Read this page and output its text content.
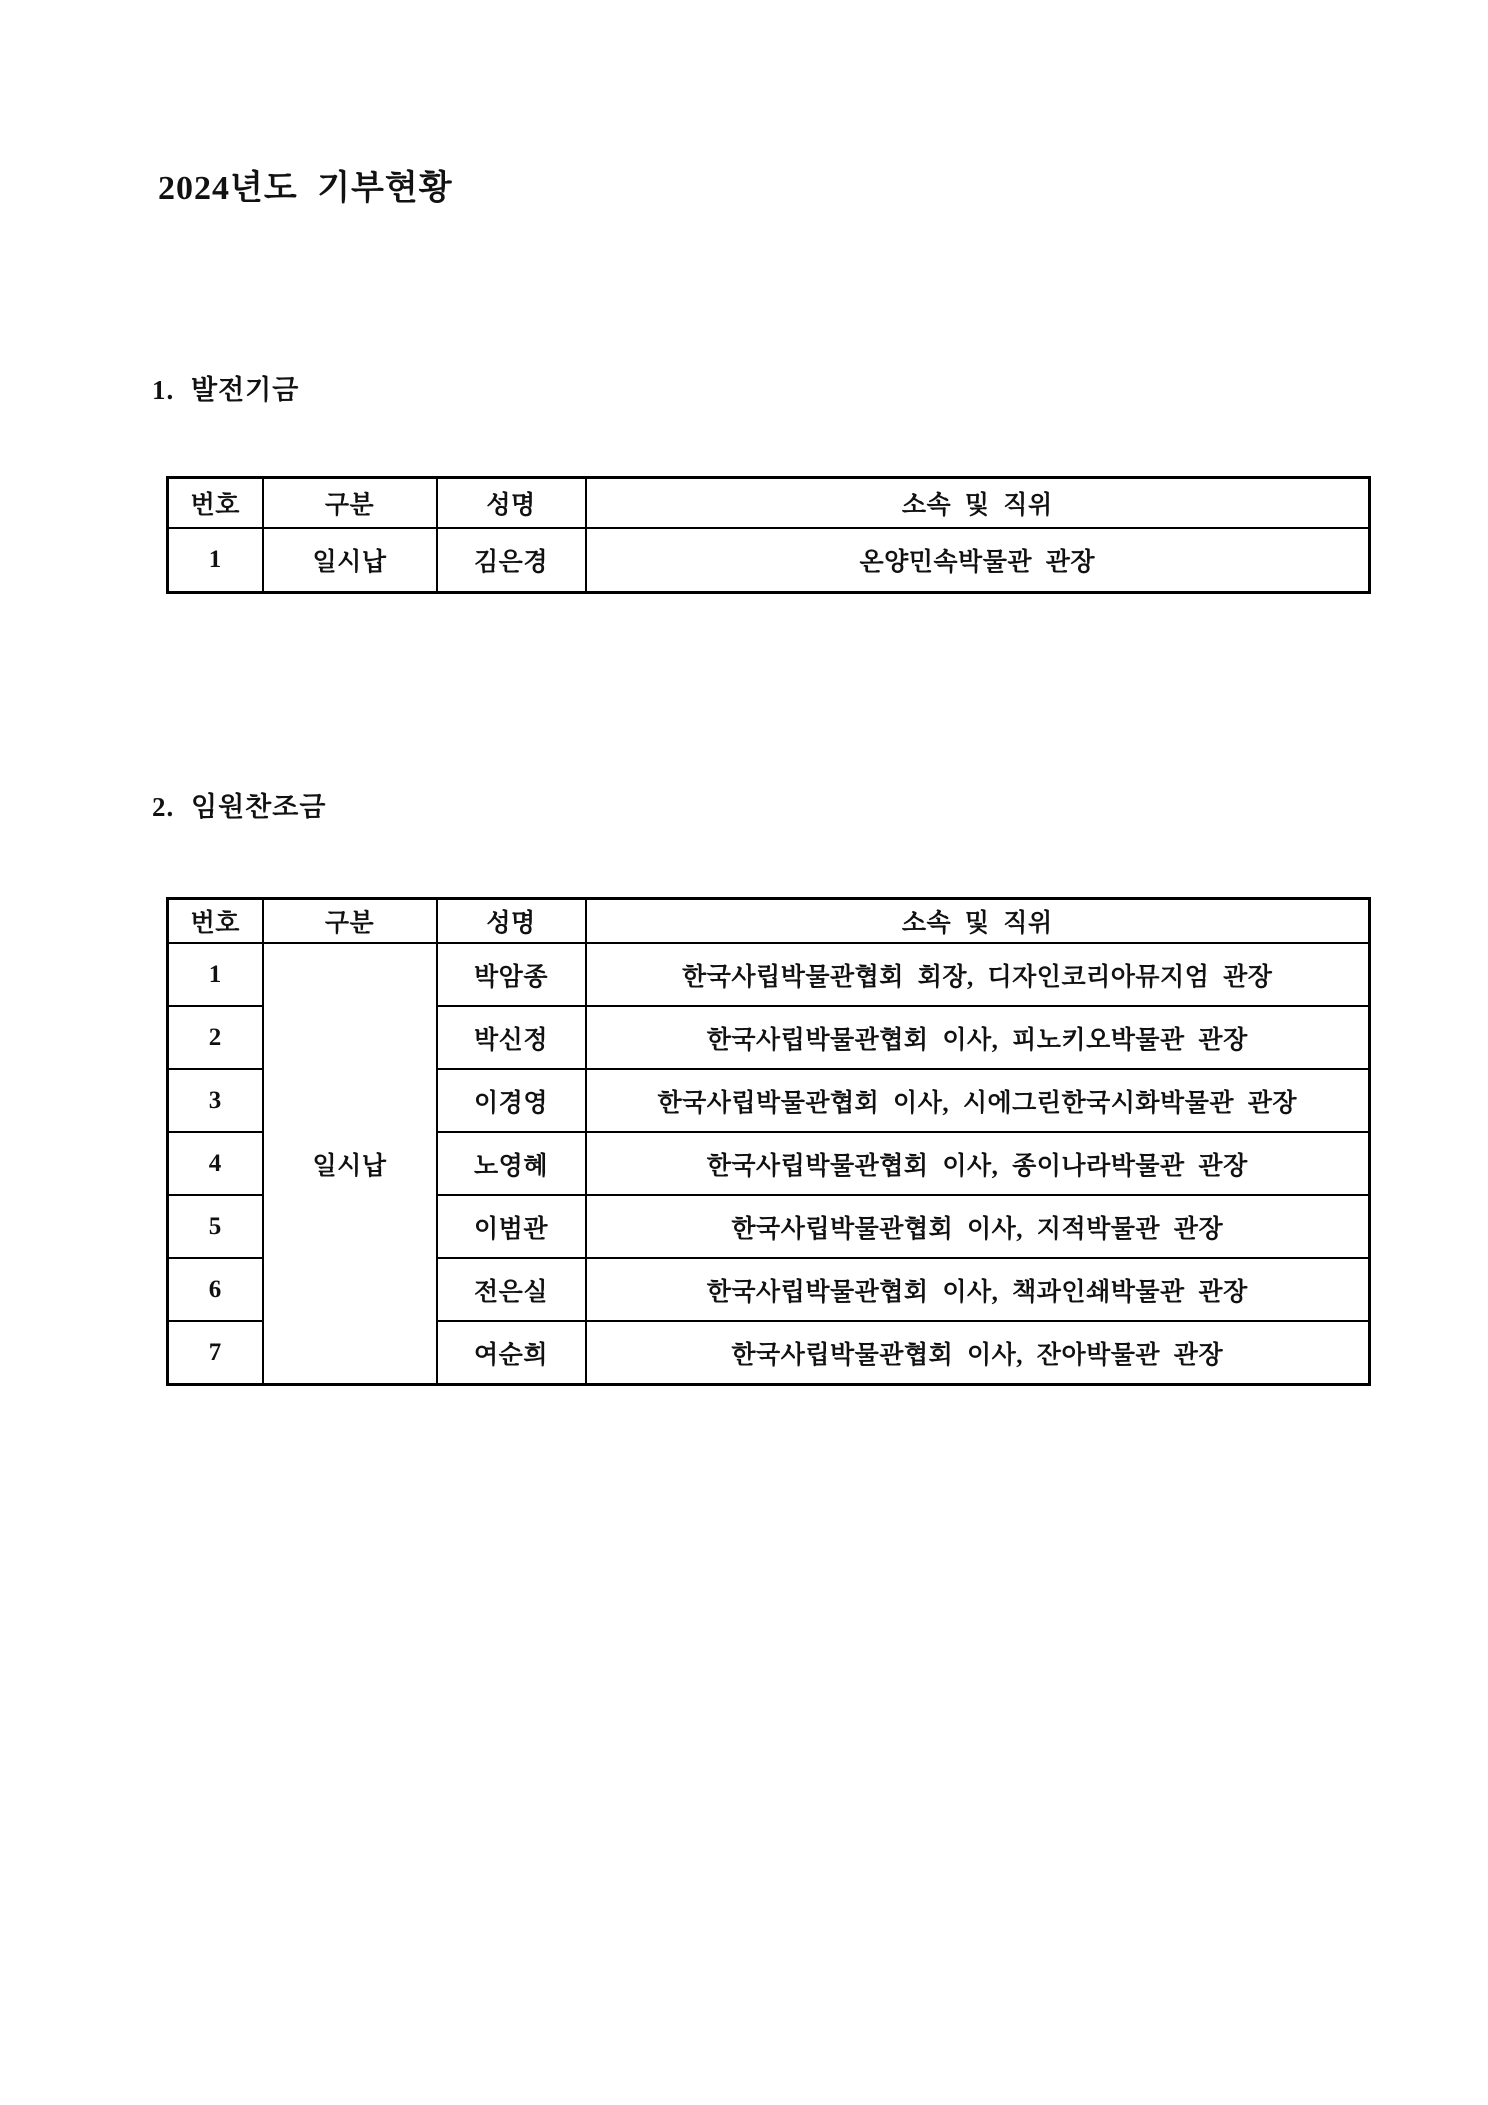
2024년도 기부현황
1. 발전기금
번호	구분	성명	소속 및 직위
1	일시납	김은경	온양민속박물관 관장
2. 임원찬조금
번호	구분	성명	소속 및 직위
1	일시납	박암종	한국사립박물관협회 회장, 디자인코리아뮤지엄 관장
2		박신정	한국사립박물관협회 이사, 피노키오박물관 관장
3		이경영	한국사립박물관협회 이사, 시에그린한국시화박물관 관장
4		노영혜	한국사립박물관협회 이사, 종이나라박물관 관장
5		이범관	한국사립박물관협회 이사, 지적박물관 관장
6		전은실	한국사립박물관협회 이사, 책과인쇄박물관 관장
7		여순희	한국사립박물관협회 이사, 잔아박물관 관장
